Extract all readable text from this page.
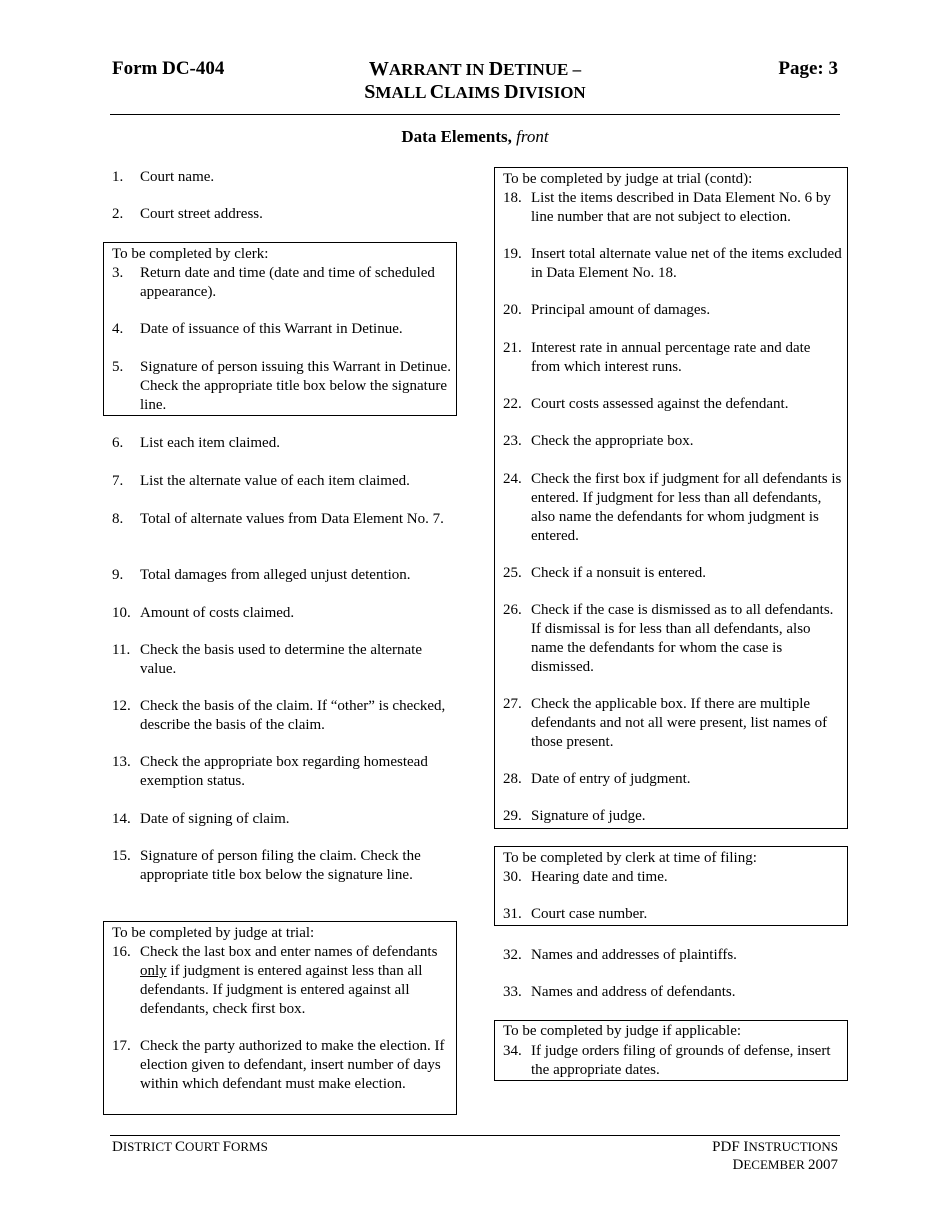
Form DC-404	WARRANT IN DETINUE –
SMALL CLAIMS DIVISION
Page: 3
Data Elements, front
To be completed by clerk:
To be completed by judge at trial:
To be completed by judge at trial (contd):
To be completed by clerk at time of filing:
To be completed by judge if applicable:
1.	Court name.
2.	Court street address.
3.	Return date and time (date and time of scheduled appearance).
4.	Date of issuance of this Warrant in Detinue.
5.	Signature of person issuing this Warrant in Detinue. Check the appropriate title box below the signature line.
6.	List each item claimed.
7.	List the alternate value of each item claimed.
8.	Total of alternate values from Data Element No. 7.
9.	Total damages from alleged unjust detention.
10. Amount of costs claimed.
11. Check the basis used to determine the alternate value.
12. Check the basis of the claim. If “other” is checked, describe the basis of the claim.
13. Check the appropriate box regarding homestead exemption status.
14. Date of signing of claim.
15. Signature of person filing the claim. Check the appropriate title box below the signature line.
16. Check the last box and enter names of defendants only if judgment is entered against less than all defendants. If judgment is entered against all defendants, check first box.
17. Check the party authorized to make the election. If election given to defendant, insert number of days within which defendant must make election.
18. List the items described in Data Element No. 6 by line number that are not subject to election.
19. Insert total alternate value net of the items excluded in Data Element No. 18.
20. Principal amount of damages.
21. Interest rate in annual percentage rate and date from which interest runs.
22. Court costs assessed against the defendant.
23. Check the appropriate box.
24. Check the first box if judgment for all defendants is entered. If judgment for less than all defendants, also name the defendants for whom judgment is entered.
25. Check if a nonsuit is entered.
26. Check if the case is dismissed as to all defendants. If dismissal is for less than all defendants, also name the defendants for whom the case is dismissed.
27. Check the applicable box. If there are multiple defendants and not all were present, list names of those present.
28. Date of entry of judgment.
29. Signature of judge.
30. Hearing date and time.
31. Court case number.
32. Names and addresses of plaintiffs.
33. Names and address of defendants.
34. If judge orders filing of grounds of defense, insert the appropriate dates.
DISTRICT COURT FORMS	PDF INSTRUCTIONS
DECEMBER 2007
